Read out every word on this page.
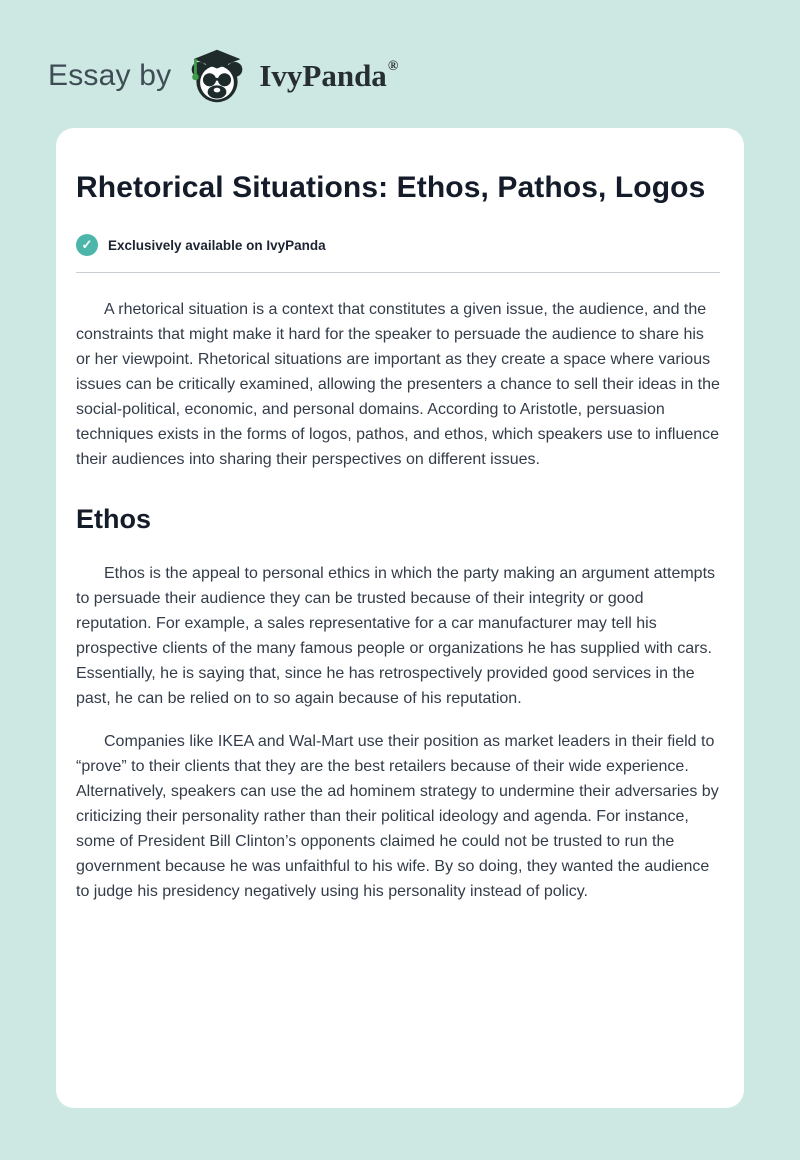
Essay by	IvyPanda®
Rhetorical Situations: Ethos, Pathos, Logos
✓	Exclusively available on IvyPanda

A rhetorical situation is a context that constitutes a given issue, the audience, and the constraints that might make it hard for the speaker to persuade the audience to share his or her viewpoint. Rhetorical situations are important as they create a space where various issues can be critically examined, allowing the presenters a chance to sell their ideas in the social-political, economic, and personal domains. According to Aristotle, persuasion techniques exists in the forms of logos, pathos, and ethos, which speakers use to influence their audiences into sharing their perspectives on different issues.

Ethos

Ethos is the appeal to personal ethics in which the party making an argument attempts to persuade their audience they can be trusted because of their integrity or good reputation. For example, a sales representative for a car manufacturer may tell his prospective clients of the many famous people or organizations he has supplied with cars. Essentially, he is saying that, since he has retrospectively provided good services in the past, he can be relied on to so again because of his reputation.

Companies like IKEA and Wal-Mart use their position as market leaders in their field to “prove” to their clients that they are the best retailers because of their wide experience. Alternatively, speakers can use the ad hominem strategy to undermine their adversaries by criticizing their personality rather than their political ideology and agenda. For instance, some of President Bill Clinton’s opponents claimed he could not be trusted to run the government because he was unfaithful to his wife. By so doing, they wanted the audience to judge his presidency negatively using his personality instead of policy.
